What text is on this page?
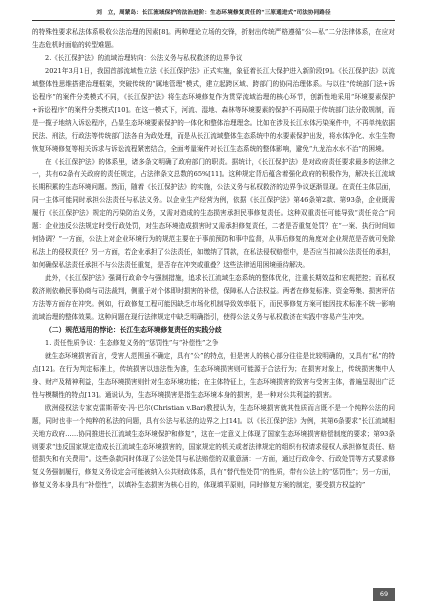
刘　立，周蒙岛：长江流域保护的法治进阶：生态环境修复责任的“三原通进式”司法协同路径

的特殊性要求私法体系吸收公法治理的因素[8]。两种理论立场的交锋，折射出传统严格遵循“公—私”二分法律体系，在应对生态危机时面临的转型难题。

2.《长江保护法》的流域治理转向：公法义务与私权救济的边界争议

2021年3月1日，我国首部流域性立法《长江保护法》正式实施，象征着长江大保护进入新阶段[9]。《长江保护法》以流域整体性思维搭建治理框架，突破传统的“属地管理”模式，建立起跨区域、跨部门的协同治理体系。与以往“传统部门法+诉讼程序”的案件分类模式不同，《长江保护法》将生态环境修复作为贯穿流域治理的核心环节，创新性地采用“环境要素保护+诉讼程序”的案件分类模式[10]。在这一模式下，河流、湿地、森林等环境要素的保护不再局限于传统部门法分散规制，而是一揽子地纳入诉讼程序，凸显生态环境要素保护的一体化和整体治理理念。比如在涉及长江水体污染案件中，不再单纯依据民法、刑法，行政法等传统部门法各自为政处理，而是从长江流域整体生态系统中的水要素保护出发，将水体净化、水生生物恢复环境修复等相关诉求与诉讼流程紧密结合，全面考量案件对长江生态系统的整体影响，避免“九龙治水水不治”的困境。

在《长江保护法》的体系里，诸多条文明确了政府部门的职责。据统计，《长江保护法》是对政府责任要求最多的法律之一，共有62条有关政府的责任规定，占法律条文总数的65%[11]。这种规定背后蕴含着强化政府的积极作为，解决长江流域长期积累的生态环境问题。然而，随着《长江保护法》的实施，公法义务与私权救济的边界争议逐渐显现。在责任主体层面，同一主体可能同时承担公法责任与私法义务。以企业生产经营为例，依据《长江保护法》第46条第2款、第93条，企业既需履行《长江保护法》规定的污染防治义务，又需对造成的生态损害承担民事修复责任。这种双重责任可能导致“责任竞合”问题：企业违反公法规定时受行政处罚，对生态环境造成损害时又需承担修复责任，二者是否重复处罚？在“一案、执行时间如何协调？”一方面，公法上对企业环境行为的规范主要在于事前预防和事中监督，从事后修复的角度对企业规范是否就可免除私法上的侵权责任？另一方面，若企业承担了公法责任，如缴纳了罚款，在私法侵权赔偿中，是否应当扣减公法责任的承担，如何确保私法责任承担不与公法责任重复，是否存在冲突或重叠？这些法律适用困境亟待解决。

此外，《长江保护法》强调行政命令与强制措施，追求长江流域生态系统的整体优化，注重长期效益和宏观把控；而私权救济则依赖民事协商与司法裁判，侧重于对个体即时损害的补偿，保障私人合法权益。两者在修复标准、资金筹集、损害评估方法等方面存在冲突。例如，行政修复工程可能因缺乏市场化机制导致效率低下，而民事修复方案可能因技术标准不统一影响流域治理的整体效果。这种问题在现行法律规定中缺乏明确指引，使得公法义务与私权救济在实践中容易产生冲突。

（二）规范适用的悖论：长江生态环境修复责任的实践分歧
1. 责任性质争议：生态修复义务的“惩罚性”与“补偿性”之争

就生态环境损害而言，受害人范围虽不确定，具有“公”的特点，但是害人的核心部分往往是比较明确的，又具有“私”的特点[12]。在行为判定标准上，传统损害以违法性为准，生态环境损害则可能源于合法行为；在损害对象上，传统损害集中人身、财产及精神利益，生态环境损害则针对生态环境功能；在主体特征上，生态环境损害的致害与受害主体，普遍呈现出广泛性与模糊性的特点[13]。通说认为，生态环境损害是指生态环境本身的损害，是一种对公共利益的损害。

欧洲侵权法专家克雷斯蒂安·冯·巴尔(Christian v.Bar)教授认为，生态环境损害就其性质而言既不是一个纯粹公法的问题，同时也非一个纯粹的私法的问题，具有公法与私法的边界之上[14]。以《长江保护法》为例，其第6条要求“长江流域相关地方政府……协同推进长江流域生态环境保护和修复”，这在一定意义上体现了国家生态环境损害赔偿制度的要求；第93条则要求“违反国家规定造成长江流域生态环境损害的，国家规定的机关或者法律规定的组织有权请求侵权人承担修复责任、赔偿损失和有关费用”。这些条款同时体现了公法处罚与私法赔偿的双重意涵：一方面，通过行政命令、行政处罚等方式要求修复义务强制履行，修复义务设定会可能被纳入公共财政体系，具有“替代性处罚”的性质，带有公法上的“惩罚性”；另一方面，修复义务本身具有“补偿性”，以填补生态损害为核心目的，体现填平原则，同时修复方案的制定，要受损方权益的”

69
